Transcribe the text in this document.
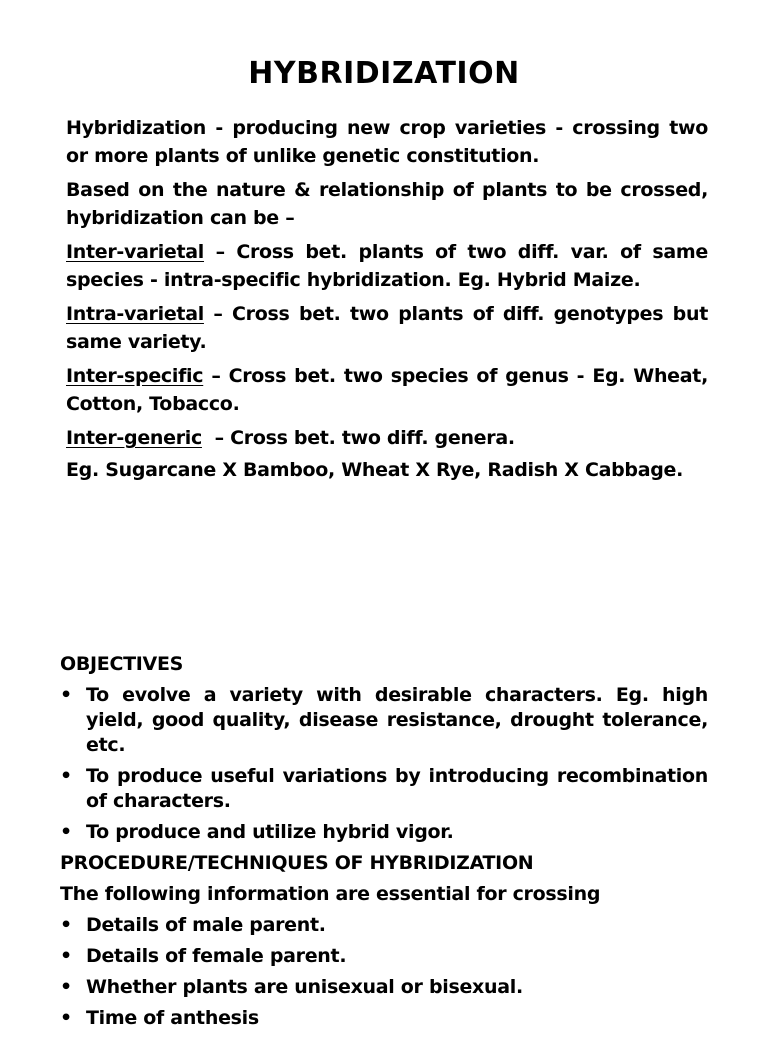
HYBRIDIZATION

Hybridization - producing new crop varieties - crossing two or more plants of unlike genetic constitution.

Based on the nature & relationship of plants to be crossed, hybridization can be –

Inter-varietal – Cross bet. plants of two diff. var. of same species - intra-specific hybridization. Eg. Hybrid Maize.

Intra-varietal – Cross bet. two plants of diff. genotypes but same variety.

Inter-specific – Cross bet. two species of genus - Eg. Wheat, Cotton, Tobacco.

Inter-generic  – Cross bet. two diff. genera.

Eg. Sugarcane X Bamboo, Wheat X Rye, Radish X Cabbage.

OBJECTIVES
• To evolve a variety with desirable characters. Eg. high yield, good quality, disease resistance, drought tolerance, etc.
• To produce useful variations by introducing recombination of characters.
• To produce and utilize hybrid vigor.
PROCEDURE/TECHNIQUES OF HYBRIDIZATION
The following information are essential for crossing
• Details of male parent.
• Details of female parent.
• Whether plants are unisexual or bisexual.
• Time of anthesis
